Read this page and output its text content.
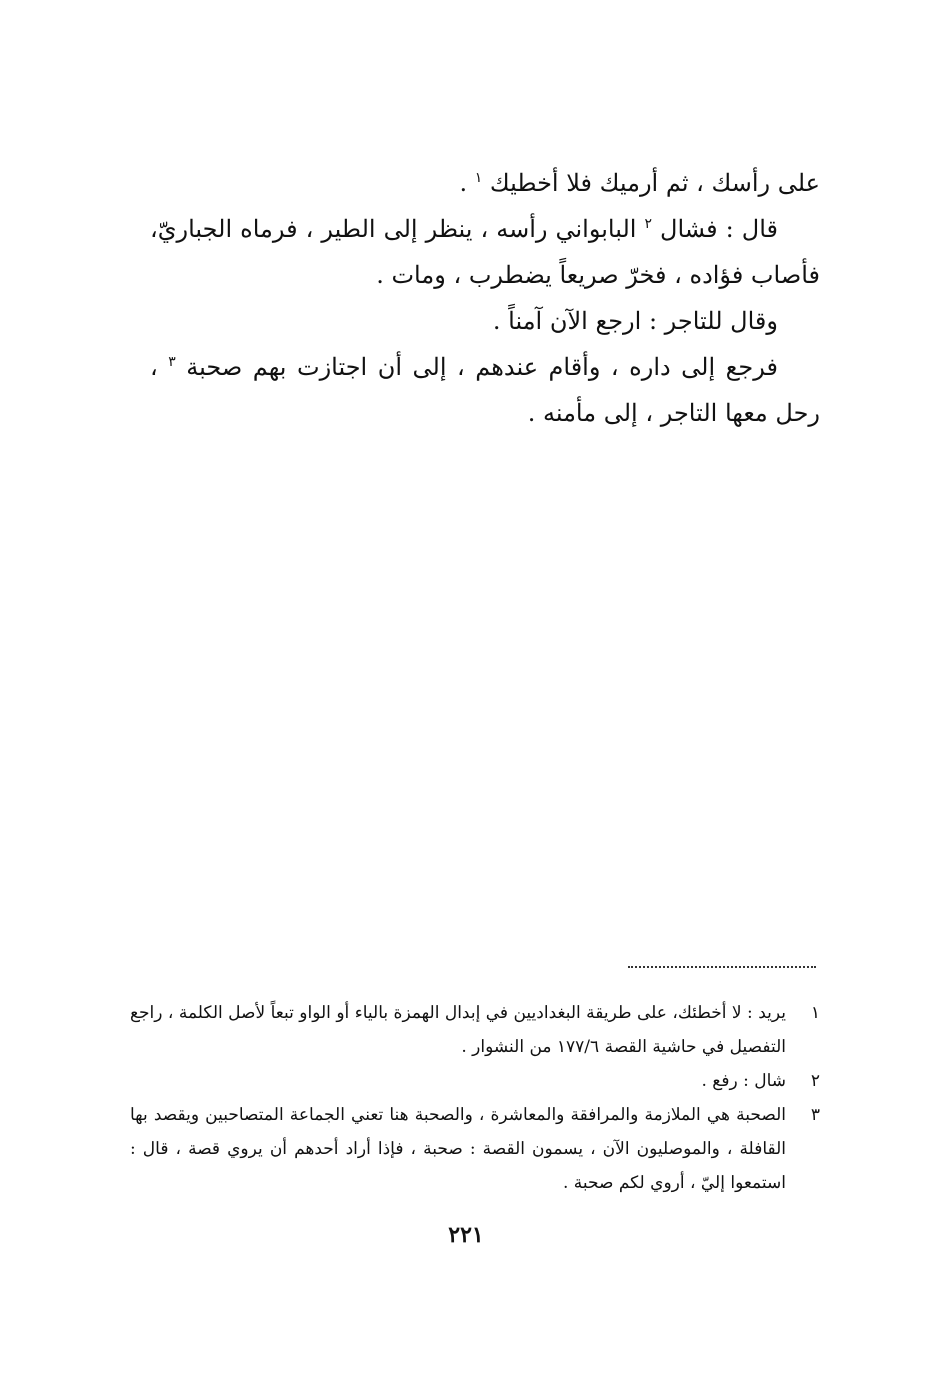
على رأسك ، ثم أرميك فلا أخطيك $^١$ .

قال : فشال $^٢$ البابواني رأسه ، ينظر إلى الطير ، فرماه الجباريّ، فأصاب فؤاده ، فخرّ صريعاً يضطرب ، ومات .

وقال للتاجر : ارجع الآن آمناً .

فرجع إلى داره ، وأقام عندهم ، إلى أن اجتازت بهم صحبة $^٣$ ، رحل معها التاجر ، إلى مأمنه .

١
يريد : لا أخطئك، على طريقة البغداديين في إبدال الهمزة بالياء أو الواو تبعاً لأصل الكلمة ، راجع التفصيل في حاشية القصة ١٧٧/٦ من النشوار .
٢
شال : رفع .
٣
الصحبة هي الملازمة والمرافقة والمعاشرة ، والصحبة هنا تعني الجماعة المتصاحبين ويقصد بها القافلة ، والموصليون الآن ، يسمون القصة : صحبة ، فإذا أراد أحدهم أن يروي قصة ، قال : استمعوا إليّ ، أروي لكم صحبة .
٢٢١
